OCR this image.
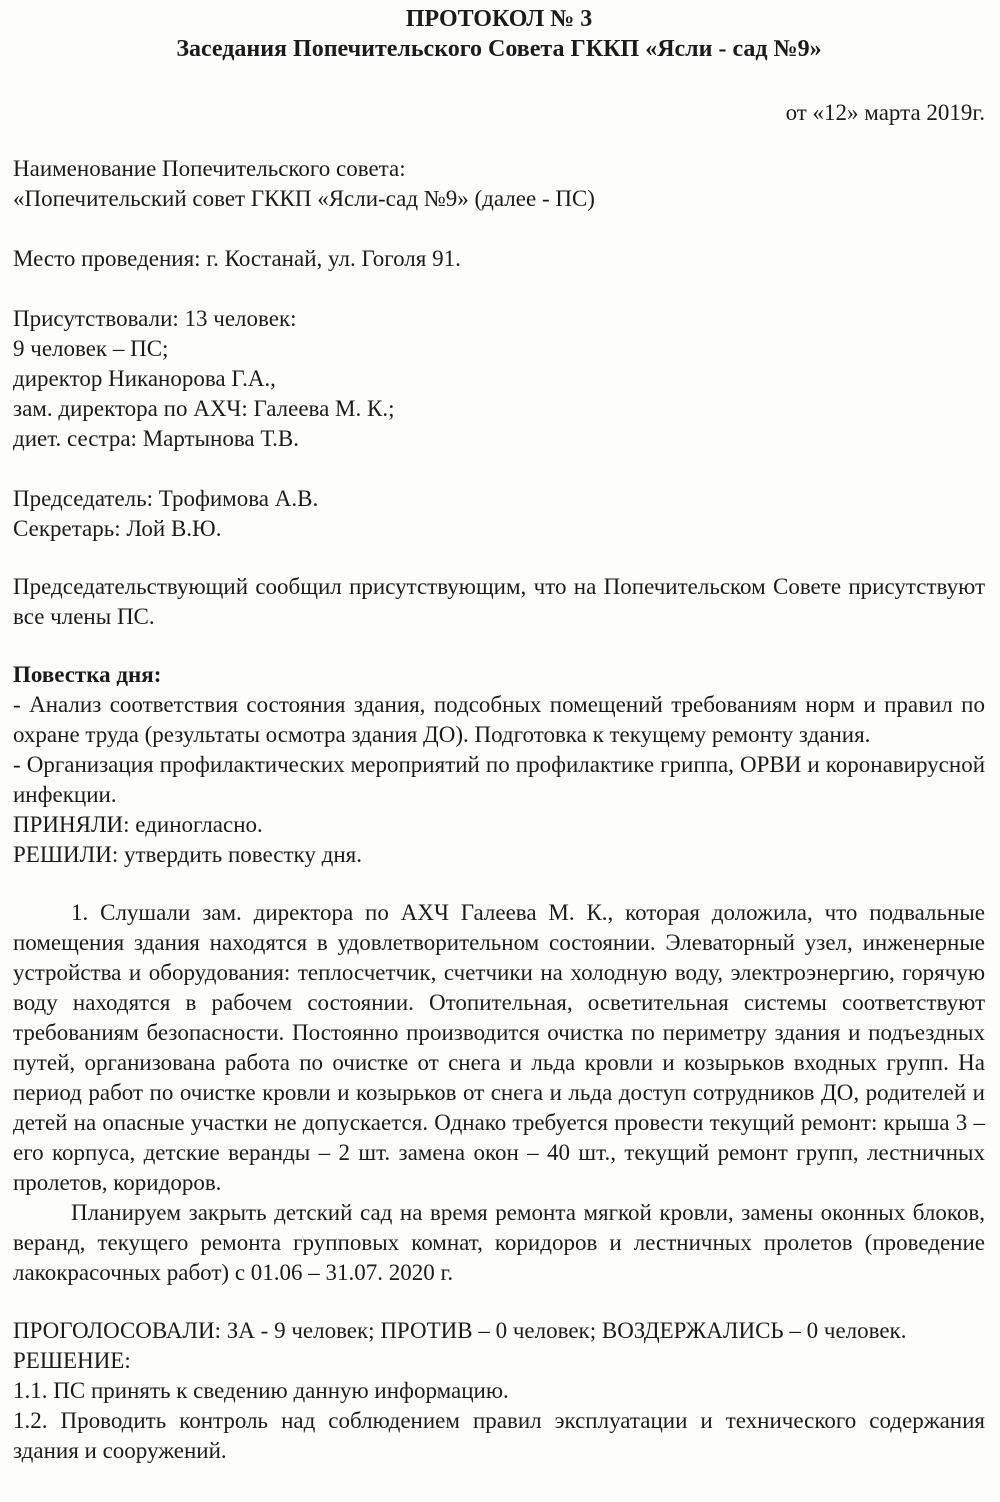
ПРОТОКОЛ № 3
Заседания Попечительского Совета ГККП «Ясли - сад №9»

от «12» марта 2019г.

Наименование Попечительского совета:

«Попечительский совет ГККП «Ясли-сад №9» (далее - ПС)

Место проведения: г. Костанай, ул. Гоголя 91.

Присутствовали: 13 человек:

9 человек – ПС;

директор Никанорова Г.А.,

зам. директора по АХЧ: Галеева М. К.;

диет. сестра: Мартынова Т.В.

Председатель: Трофимова А.В.

Секретарь: Лой В.Ю.

Председательствующий сообщил присутствующим, что на Попечительском Совете присутствуют все члены ПС.

Повестка дня:

- Анализ соответствия состояния здания, подсобных помещений требованиям норм и правил по охране труда (результаты осмотра здания ДО). Подготовка к текущему ремонту здания.

- Организация профилактических мероприятий по профилактике гриппа, ОРВИ и коронавирусной инфекции.

ПРИНЯЛИ: единогласно.

РЕШИЛИ: утвердить повестку дня.

1. Слушали зам. директора по АХЧ Галеева М. К., которая доложила, что подвальные помещения здания находятся в удовлетворительном состоянии. Элеваторный узел, инженерные устройства и оборудования: теплосчетчик, счетчики на холодную воду, электроэнергию, горячую воду находятся в рабочем состоянии. Отопительная, осветительная системы соответствуют требованиям безопасности. Постоянно производится очистка по периметру здания и подъездных путей, организована работа по очистке от снега и льда кровли и козырьков входных групп. На период работ по очистке кровли и козырьков от снега и льда доступ сотрудников ДО, родителей и детей на опасные участки не допускается. Однако требуется провести текущий ремонт: крыша 3 – его корпуса, детские веранды – 2 шт. замена окон – 40 шт., текущий ремонт групп, лестничных пролетов, коридоров.

Планируем закрыть детский сад на время ремонта мягкой кровли, замены оконных блоков, веранд, текущего ремонта групповых комнат, коридоров и лестничных пролетов (проведение лакокрасочных работ) с 01.06 – 31.07. 2020 г.

ПРОГОЛОСОВАЛИ: ЗА - 9 человек; ПРОТИВ – 0 человек; ВОЗДЕРЖАЛИСЬ – 0 человек.

РЕШЕНИЕ:

1.1. ПС принять к сведению данную информацию.

1.2. Проводить контроль над соблюдением правил эксплуатации и технического содержания здания и сооружений.
